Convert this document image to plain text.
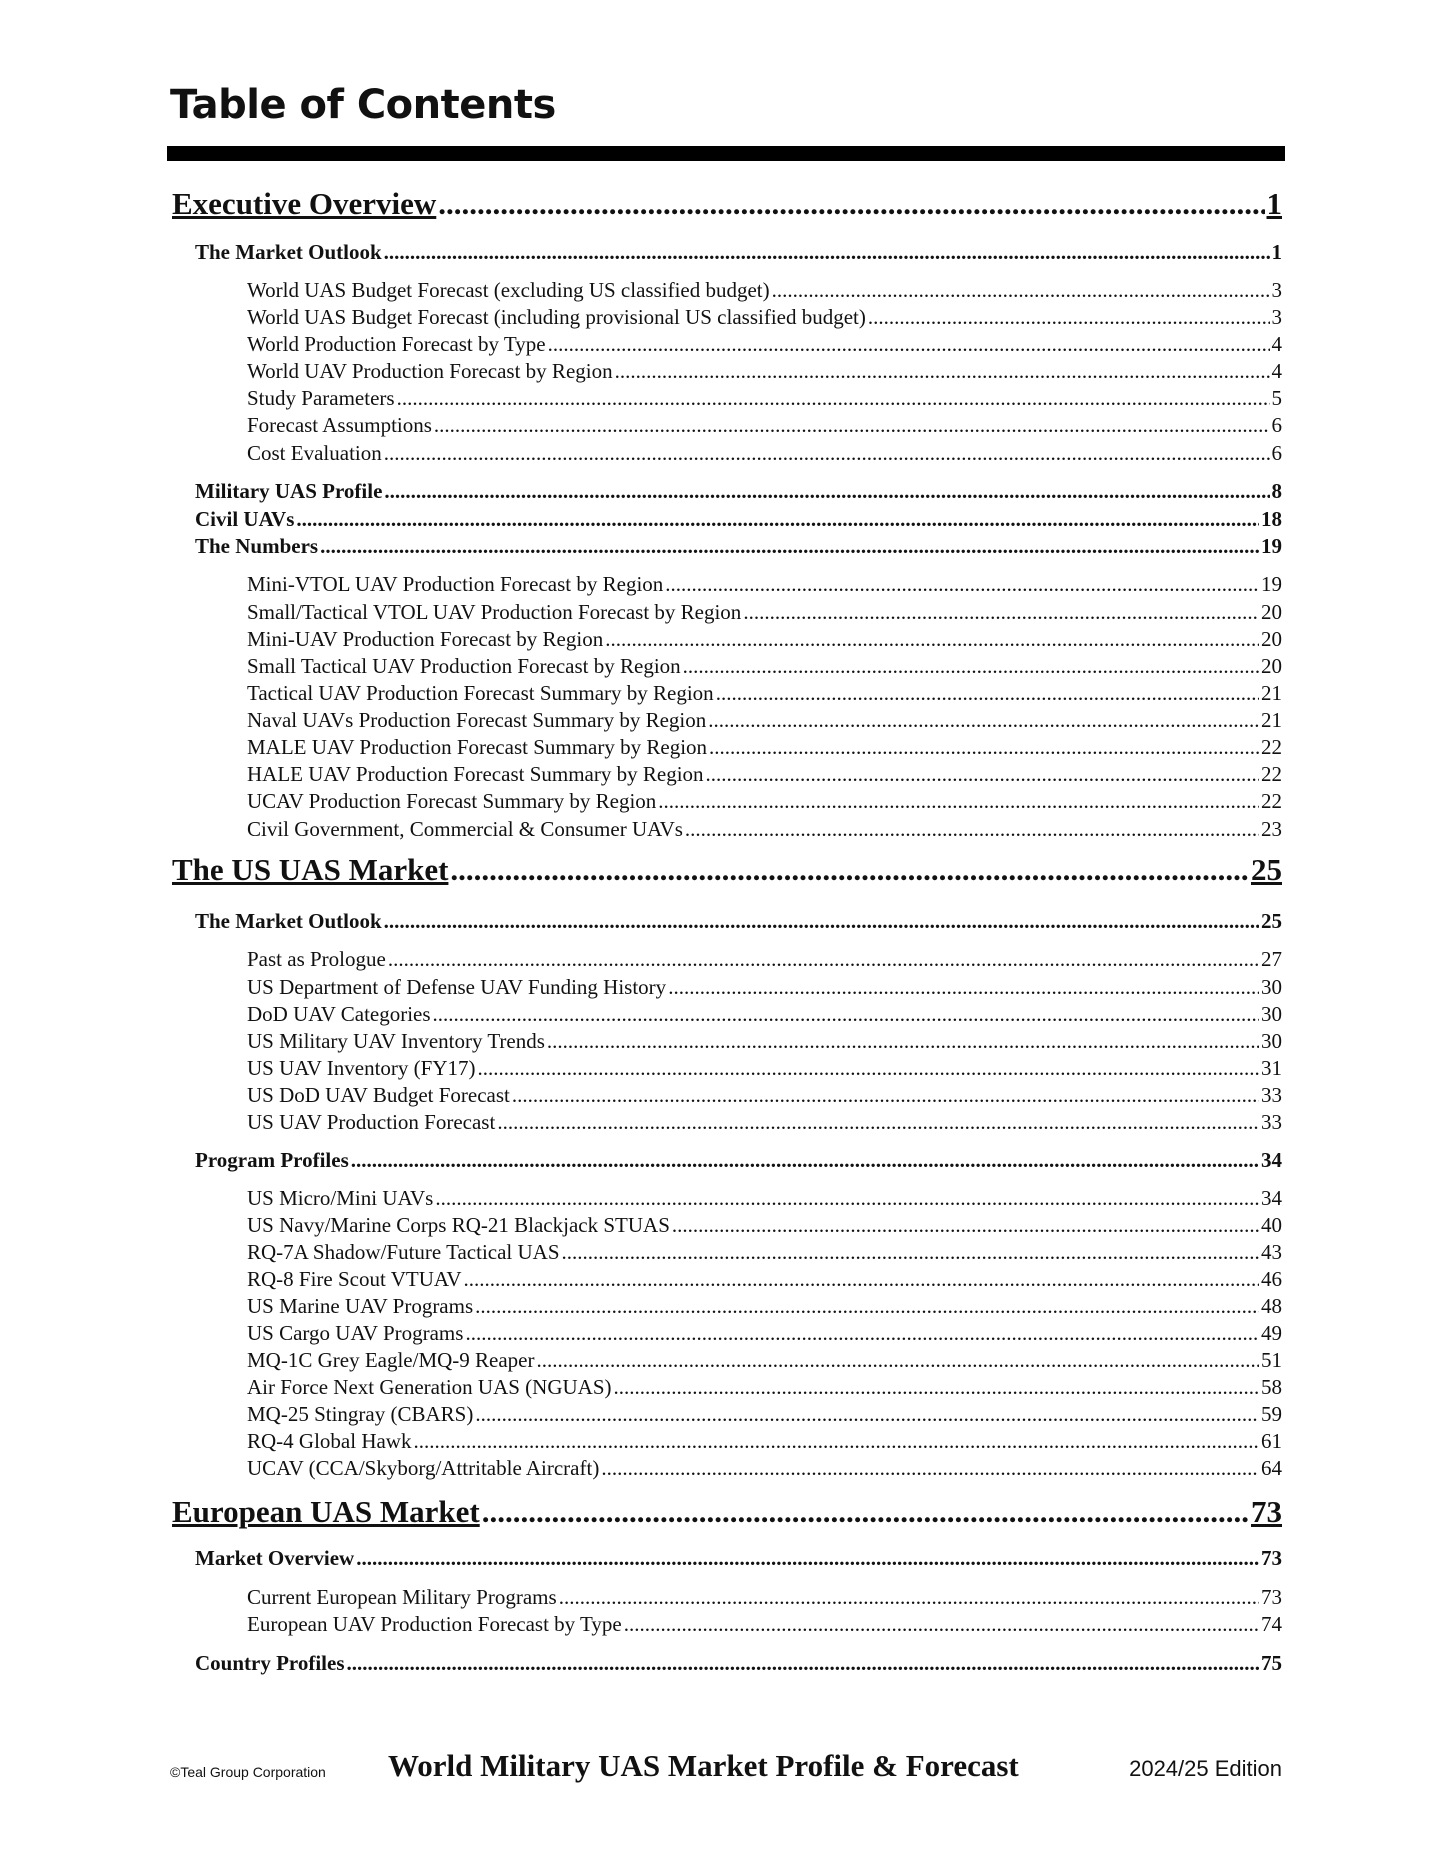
Table of Contents
Executive Overview .....	1
The Market Outlook .....	1
World UAS Budget Forecast (excluding US classified budget) .....	3
World UAS Budget Forecast (including provisional US classified budget) .....	3
World Production Forecast by Type .....	4
World UAV Production Forecast by Region .....	4
Study Parameters .....	5
Forecast Assumptions .....	6
Cost Evaluation .....	6
Military UAS Profile .....	8
Civil UAVs .....	18
The Numbers .....	19
Mini-VTOL UAV Production Forecast by Region .....	19
Small/Tactical VTOL UAV Production Forecast by Region .....	20
Mini-UAV Production Forecast by Region .....	20
Small Tactical UAV Production Forecast by Region .....	20
Tactical UAV Production Forecast Summary by Region .....	21
Naval UAVs Production Forecast Summary by Region .....	21
MALE UAV Production Forecast Summary by Region .....	22
HALE UAV Production Forecast Summary by Region .....	22
UCAV Production Forecast Summary by Region .....	22
Civil Government, Commercial & Consumer UAVs .....	23
The US UAS Market .....	25
The Market Outlook .....	25
Past as Prologue .....	27
US Department of Defense UAV Funding History .....	30
DoD UAV Categories .....	30
US Military UAV Inventory Trends .....	30
US UAV Inventory (FY17) .....	31
US DoD UAV Budget Forecast .....	33
US UAV Production Forecast .....	33
Program Profiles .....	34
US Micro/Mini UAVs .....	34
US Navy/Marine Corps RQ-21 Blackjack STUAS .....	40
RQ-7A Shadow/Future Tactical UAS .....	43
RQ-8 Fire Scout VTUAV .....	46
US Marine UAV Programs .....	48
US Cargo UAV Programs .....	49
MQ-1C Grey Eagle/MQ-9 Reaper .....	51
Air Force Next Generation UAS (NGUAS) .....	58
MQ-25 Stingray (CBARS) .....	59
RQ-4 Global Hawk .....	61
UCAV (CCA/Skyborg/Attritable Aircraft) .....	64
European UAS Market .....	73
Market Overview .....	73
Current European Military Programs .....	73
European UAV Production Forecast by Type .....	74
Country Profiles .....	75
©Teal Group Corporation World Military UAS Market Profile & Forecast	2024/25 Edition
